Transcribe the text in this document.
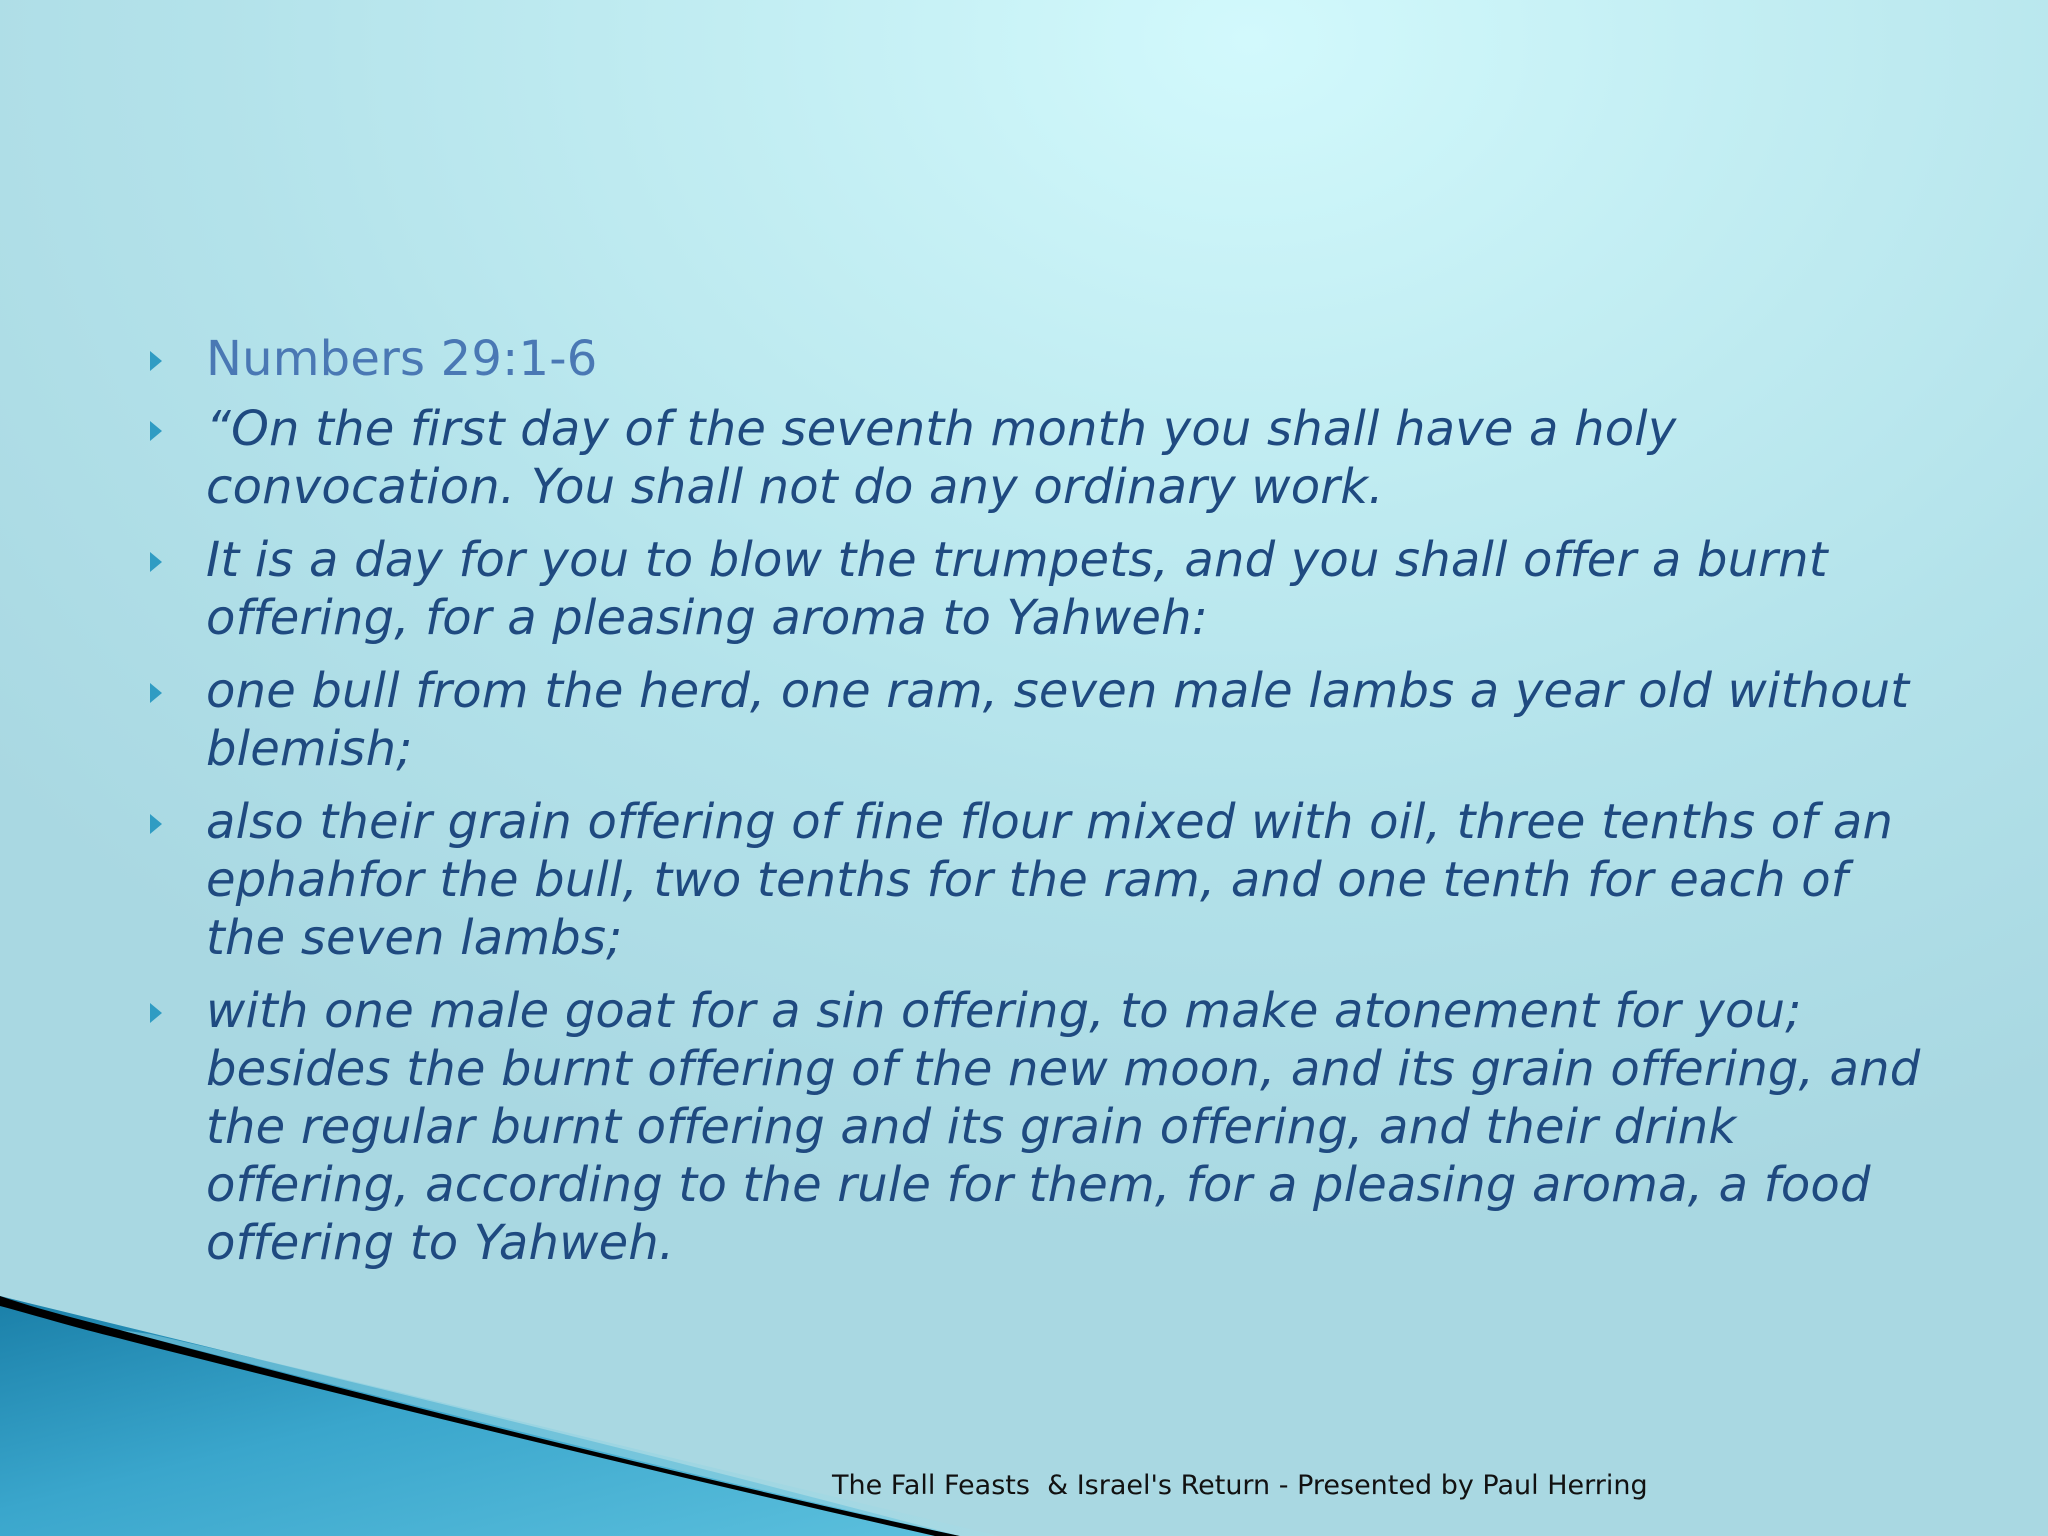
Numbers 29:1-6
“On the first day of the seventh month you shall have a holy convocation. You shall not do any ordinary work.
It is a day for you to blow the trumpets, and you shall offer a burnt offering, for a pleasing aroma to Yahweh:
one bull from the herd, one ram, seven male lambs a year old without blemish;
also their grain offering of fine flour mixed with oil, three tenths of an ephahfor the bull, two tenths for the ram, and one tenth for each of the seven lambs;
with one male goat for a sin offering, to make atonement for you; besides the burnt offering of the new moon, and its grain offering, and the regular burnt offering and its grain offering, and their drink offering, according to the rule for them, for a pleasing aroma, a food offering to Yahweh.
The Fall Feasts  & Israel's Return - Presented by Paul Herring
